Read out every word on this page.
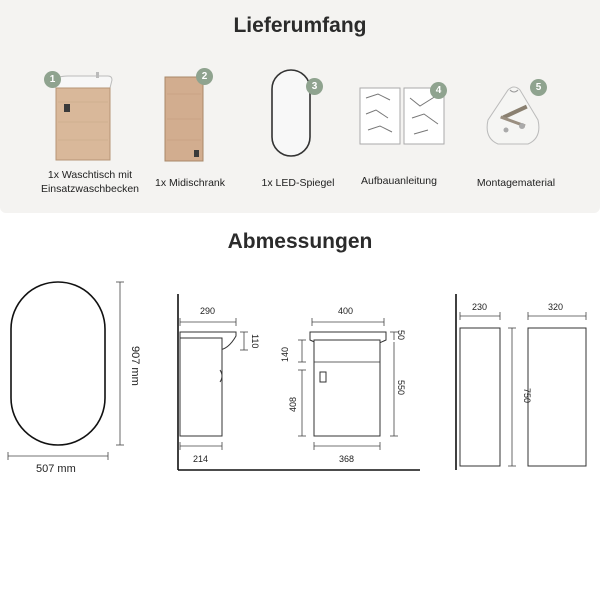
Lieferumfang
1
1x Waschtisch mit Einsatzwaschbecken
2
1x Midischrank
3
1x LED-Spiegel
4
Aufbauanleitung
5
Montagematerial
Abmessungen
507 mm
907 mm
290
110
214
400
50
140
408
550
368
230	320
750
